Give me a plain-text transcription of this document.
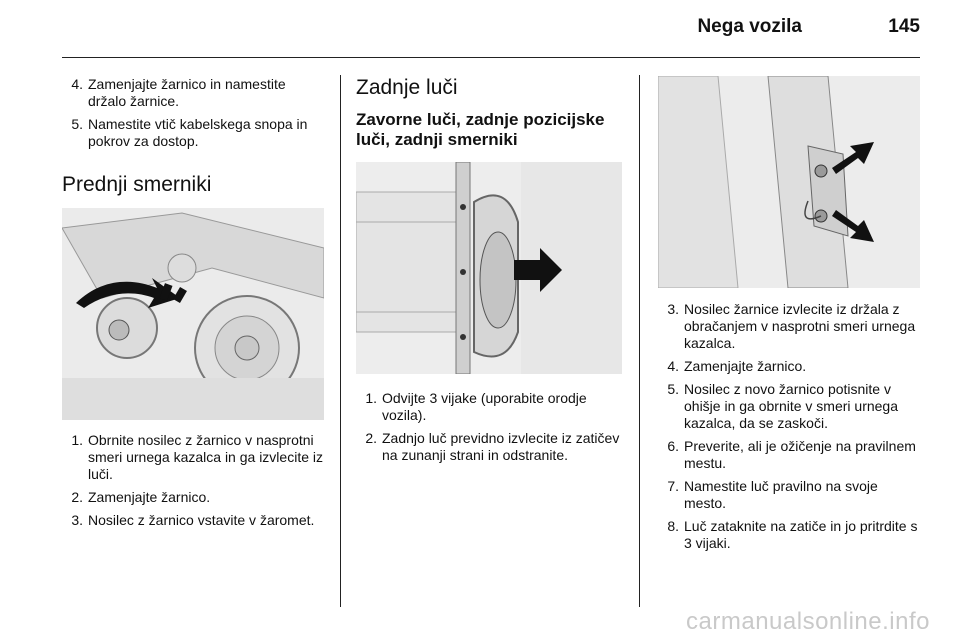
Nega vozila	145
4. Zamenjajte žarnico in namestite držalo žarnice.
5. Namestite vtič kabelskega snopa in pokrov za dostop.
Prednji smerniki
1. Obrnite nosilec z žarnico v nasprotni smeri urnega kazalca in ga izvlecite iz luči.
2. Zamenjajte žarnico.
3. Nosilec z žarnico vstavite v žaromet.
Zadnje luči
Zavorne luči, zadnje pozicijske luči, zadnji smerniki
1. Odvijte 3 vijake (uporabite orodje vozila).
2. Zadnjo luč previdno izvlecite iz zatičev na zunanji strani in odstranite.
3. Nosilec žarnice izvlecite iz držala z obračanjem v nasprotni smeri urnega kazalca.
4. Zamenjajte žarnico.
5. Nosilec z novo žarnico potisnite v ohišje in ga obrnite v smeri urnega kazalca, da se zaskoči.
6. Preverite, ali je ožičenje na pravilnem mestu.
7. Namestite luč pravilno na svoje mesto.
8. Luč zataknite na zatiče in jo pritrdite s 3 vijaki.
carmanualsonline.info
